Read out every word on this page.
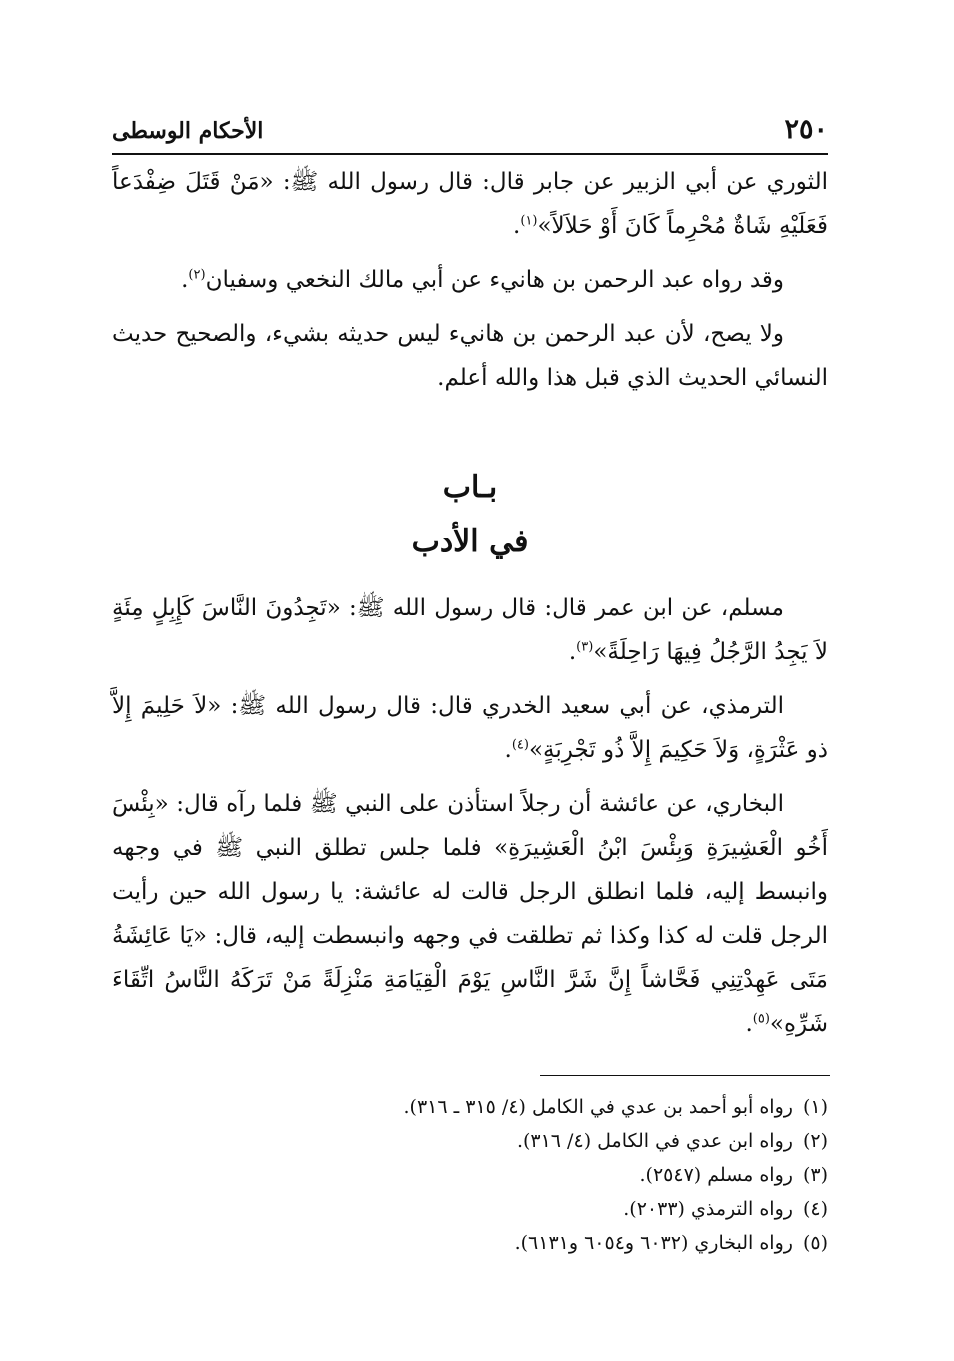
٢٥٠
الأحكام الوسطى

الثوري عن أبي الزبير عن جابر قال: قال رسول الله ﷺ: «مَنْ قَتَلَ ضِفْدَعاً فَعَلَيْهِ شَاةٌ مُحْرِماً كَانَ أَوْ حَلاَلاً»$^{(١)}$.

وقد رواه عبد الرحمن بن هانيء عن أبي مالك النخعي وسفيان$^{(٢)}$.

ولا يصح، لأن عبد الرحمن بن هانيء ليس حديثه بشيء، والصحيح حديث النسائي الحديث الذي قبل هذا والله أعلم.

بـاب
في الأدب

مسلم، عن ابن عمر قال: قال رسول الله ﷺ: «تَجِدُونَ النَّاسَ كَإِبِلٍ مِئَةٍ لاَ يَجِدُ الرَّجُلُ فِيهَا رَاحِلَةً»$^{(٣)}$.

الترمذي، عن أبي سعيد الخدري قال: قال رسول الله ﷺ: «لاَ حَلِيمَ إِلاَّ ذو عَثْرَةٍ، وَلاَ حَكِيمَ إِلاَّ ذُو تَجْرِبَةٍ»$^{(٤)}$.

البخاري، عن عائشة أن رجلاً استأذن على النبي ﷺ فلما رآه قال: «بِئْسَ أَخُو الْعَشِيرَةِ وَبِئْسَ ابْنُ الْعَشِيرَةِ» فلما جلس تطلق النبي ﷺ في وجهه وانبسط إليه، فلما انطلق الرجل قالت له عائشة: يا رسول الله حين رأيت الرجل قلت له كذا وكذا ثم تطلقت في وجهه وانبسطت إليه، قال: «يَا عَائِشَةُ مَتَى عَهِدْتِنِي فَحَّاشاً إِنَّ شَرَّ النَّاسِ يَوْمَ الْقِيَامَةِ مَنْزِلَةً مَنْ تَرَكَهُ النَّاسُ اتِّقَاءَ شَرِّهِ»$^{(٥)}$.

(١)رواه أبو أحمد بن عدي في الكامل (٤/ ٣١٥ ـ ٣١٦).

(٢)رواه ابن عدي في الكامل (٤/ ٣١٦).

(٣)رواه مسلم (٢٥٤٧).

(٤)رواه الترمذي (٢٠٣٣).

(٥)رواه البخاري (٦٠٣٢ و٦٠٥٤ و٦١٣١).
